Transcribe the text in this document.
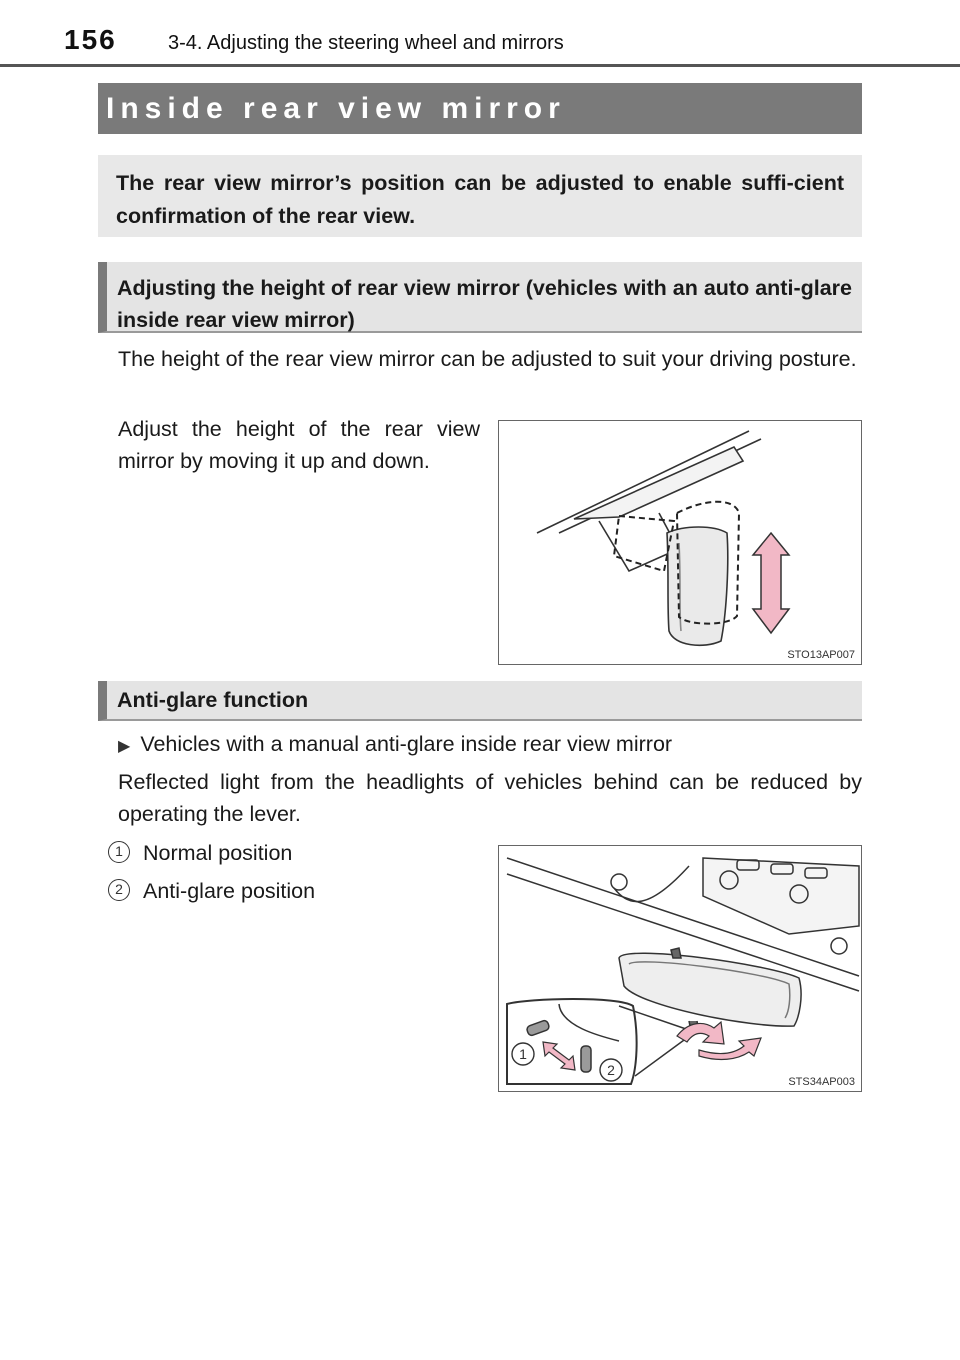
156	3-4. Adjusting the steering wheel and mirrors
Inside rear view mirror
The rear view mirror’s position can be adjusted to enable suffi-cient confirmation of the rear view.
Adjusting the height of rear view mirror (vehicles with an auto anti-glare inside rear view mirror)
The height of the rear view mirror can be adjusted to suit your driving posture.
Adjust the height of the rear view mirror by moving it up and down.
STO13AP007
Anti-glare function
▶ Vehicles with a manual anti-glare inside rear view mirror
Reflected light from the headlights of vehicles behind can be reduced by operating the lever.
1 Normal position
2 Anti-glare position
1
2
STS34AP003
